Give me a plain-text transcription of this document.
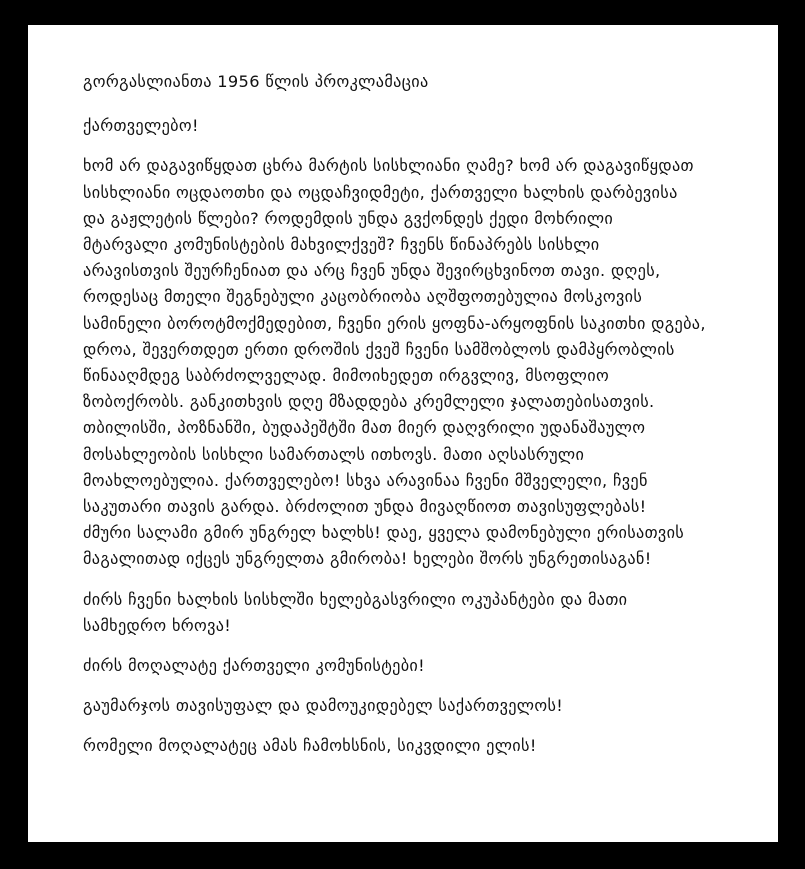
გორგასლიანთა 1956 წლის პროკლამაცია

ქართველებო!

ხომ არ დაგავიწყდათ ცხრა მარტის სისხლიანი ღამე? ხომ არ დაგავიწყდათ

სისხლიანი ოცდაოთხი და ოცდაჩვიდმეტი, ქართველი ხალხის დარბევისა

და გაჟლეტის წლები? როდემდის უნდა გვქონდეს ქედი მოხრილი

მტარვალი კომუნისტების მახვილქვეშ? ჩვენს წინაპრებს სისხლი

არავისთვის შეურჩენიათ და არც ჩვენ უნდა შევირცხვინოთ თავი. დღეს,

როდესაც მთელი შეგნებული კაცობრიობა აღშფოთებულია მოსკოვის

სამინელი ბოროტმოქმედებით, ჩვენი ერის ყოფნა-არყოფნის საკითხი დგება,

დროა, შევერთდეთ ერთი დროშის ქვეშ ჩვენი სამშობლოს დამპყრობლის

წინააღმდეგ საბრძოლველად. მიმოიხედეთ ირგვლივ, მსოფლიო

ზობოქრობს. განკითხვის დღე მზადდება კრემლელი ჯალათებისათვის.

თბილისში, პოზნანში, ბუდაპეშტში მათ მიერ დაღვრილი უდანაშაულო

მოსახლეობის სისხლი სამართალს ითხოვს. მათი აღსასრული

მოახლოებულია. ქართველებო! სხვა არავინაა ჩვენი მშველელი, ჩვენ

საკუთარი თავის გარდა. ბრძოლით უნდა მივაღწიოთ თავისუფლებას!

ძმური სალამი გმირ უნგრელ ხალხს! დაე, ყველა დამონებული ერისათვის

მაგალითად იქცეს უნგრელთა გმირობა! ხელები შორს უნგრეთისაგან!

ძირს ჩვენი ხალხის სისხლში ხელებგასვრილი ოკუპანტები და მათი

სამხედრო ხროვა!

ძირს მოღალატე ქართველი კომუნისტები!

გაუმარჯოს თავისუფალ და დამოუკიდებელ საქართველოს!

რომელი მოღალატეც ამას ჩამოხსნის, სიკვდილი ელის!
